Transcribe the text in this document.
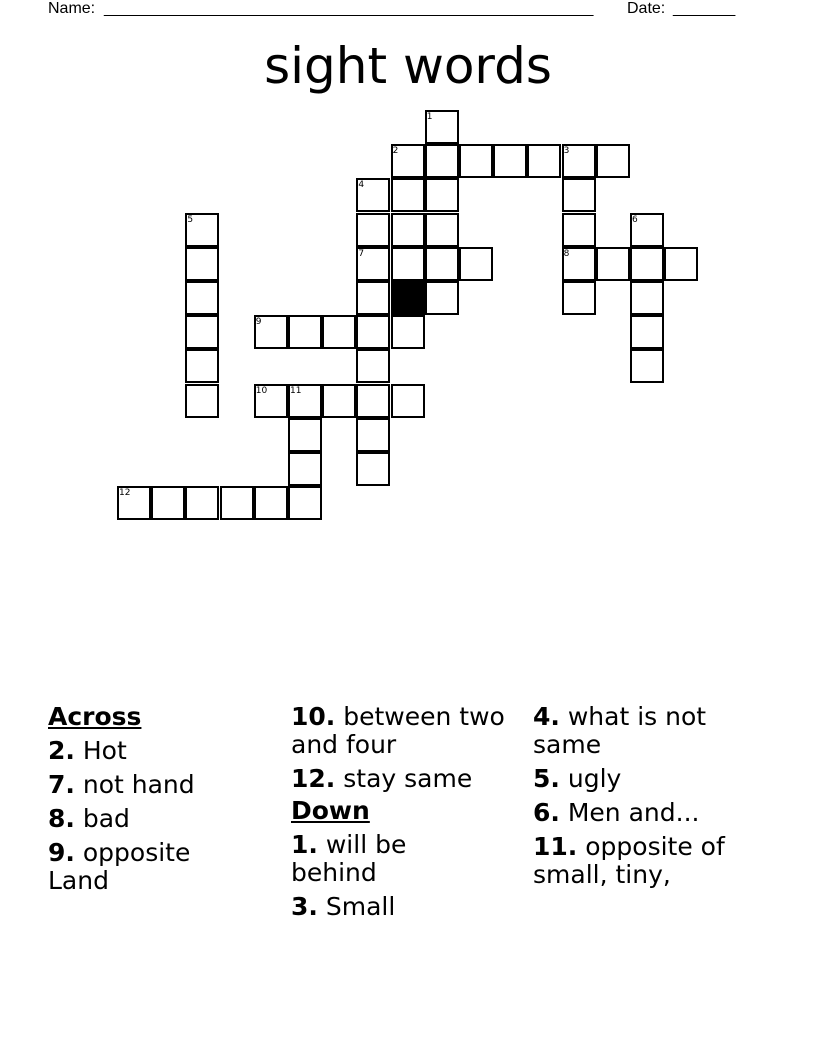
Name: _______________________________________________________ Date: _______
sight words
1
2	3
4
5	6
7	8
9
10	11
12
Across
2. Hot
7. not hand
8. bad
9. opposite Land
10. between two and four
12. stay same
Down
1. will be behind
3. Small
4. what is not same
5. ugly
6. Men and...
11. opposite of small, tiny,
